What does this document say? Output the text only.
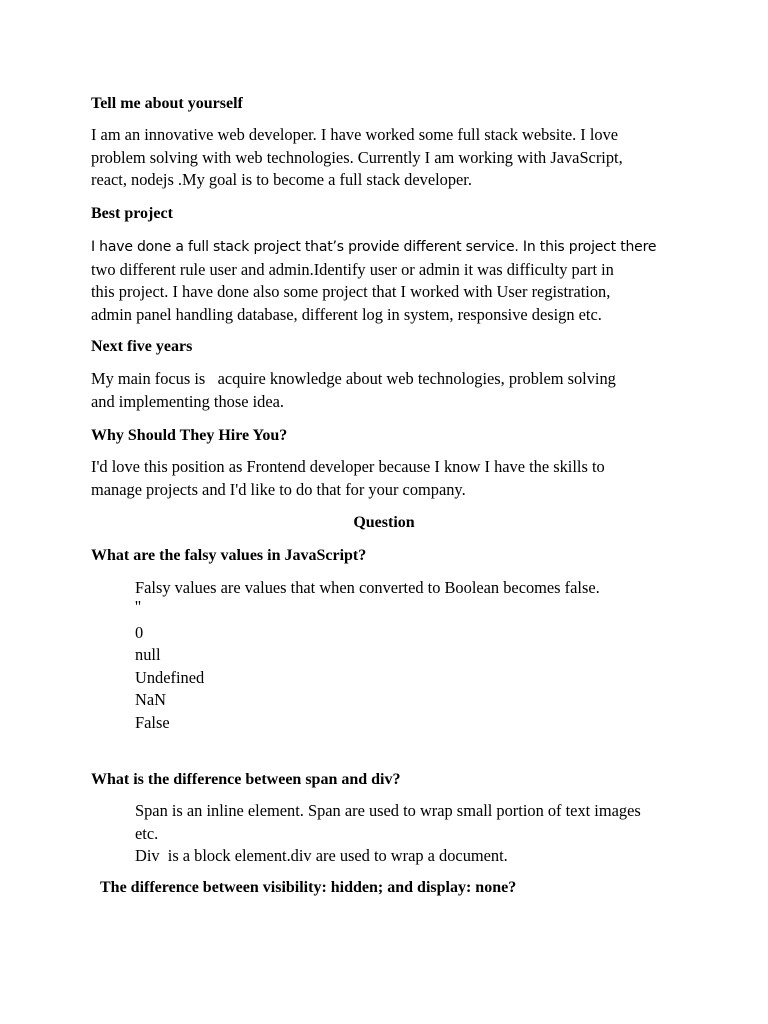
Tell me about yourself
I am an innovative web developer. I have worked some full stack website. I love
problem solving with web technologies. Currently I am working with JavaScript,
react, nodejs .My goal is to become a full stack developer.
Best project
I have done a full stack project that’s provide different service. In this project there
two different rule user and admin.Identify user or admin it was difficulty part in
this project. I have done also some project that I worked with User registration,
admin panel handling database, different log in system, responsive design etc.
Next five years
My main focus is   acquire knowledge about web technologies, problem solving
and implementing those idea.
Why Should They Hire You?
I'd love this position as Frontend developer because I know I have the skills to
manage projects and I'd like to do that for your company.
Question
What are the falsy values in JavaScript?
Falsy values are values that when converted to Boolean becomes false.
''
0
null
Undefined
NaN
False
What is the difference between span and div?
Span is an inline element. Span are used to wrap small portion of text images
etc.
Div  is a block element.div are used to wrap a document.
The difference between visibility: hidden; and display: none?
